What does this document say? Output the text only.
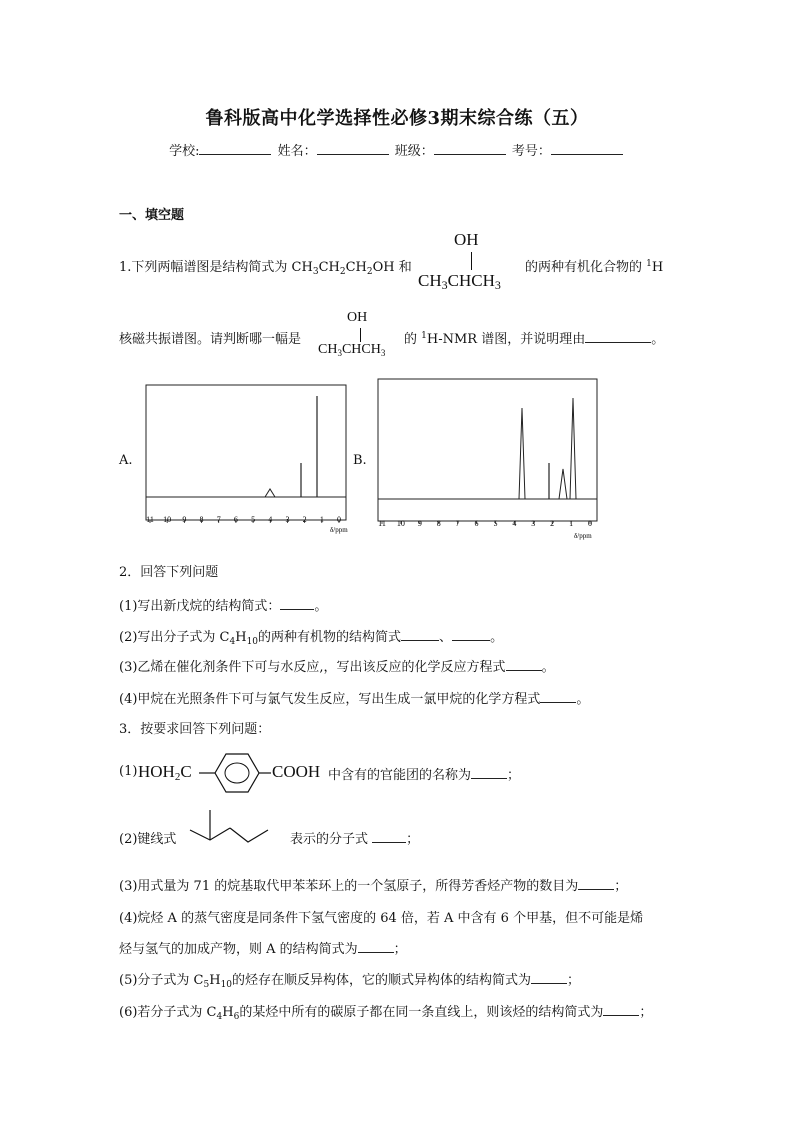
鲁科版高中化学选择性必修3期末综合练（五）
学校:	姓名：	班级：	考号：
一、填空题
1.下列两幅谱图是结构简式为 $CH_3CH_2CH_2OH$ 和
OH
$CH_3CHCH_3$
的两种有机化合物的 $^1$H
核磁共振谱图。请判断哪一幅是
OH
$CH_3CHCH_3$
的 $^1$H-NMR 谱图，并说明理由	。
A.
11 10 9 8 7 6 5 4 3 2 1 0
δ/ppm
B.
11 10 9 8 7 6 5 4 3 2 1 0
δ/ppm
2．回答下列问题
(1)写出新戊烷的结构简式：	。
(2)写出分子式为 $C_4H_{10}$的两种有机物的结构简式	、	。
(3)乙烯在催化剂条件下可与水反应,，写出该反应的化学反应方程式	。
(4)甲烷在光照条件下可与氯气发生反应，写出生成一氯甲烷的化学方程式	。
3．按要求回答下列问题：
(1) $HOH_2C$	COOH 中含有的官能团的名称为	；
(2)键线式	表示的分子式	；
(3)用式量为 71 的烷基取代甲苯苯环上的一个氢原子，所得芳香烃产物的数目为	；
(4)烷烃 A 的蒸气密度是同条件下氢气密度的 64 倍，若 A 中含有 6 个甲基，但不可能是烯
烃与氢气的加成产物，则 A 的结构简式为	；
(5)分子式为 $C_5H_{10}$的烃存在顺反异构体，它的顺式异构体的结构简式为	；
(6)若分子式为 $C_4H_6$的某烃中所有的碳原子都在同一条直线上，则该烃的结构简式为	；
